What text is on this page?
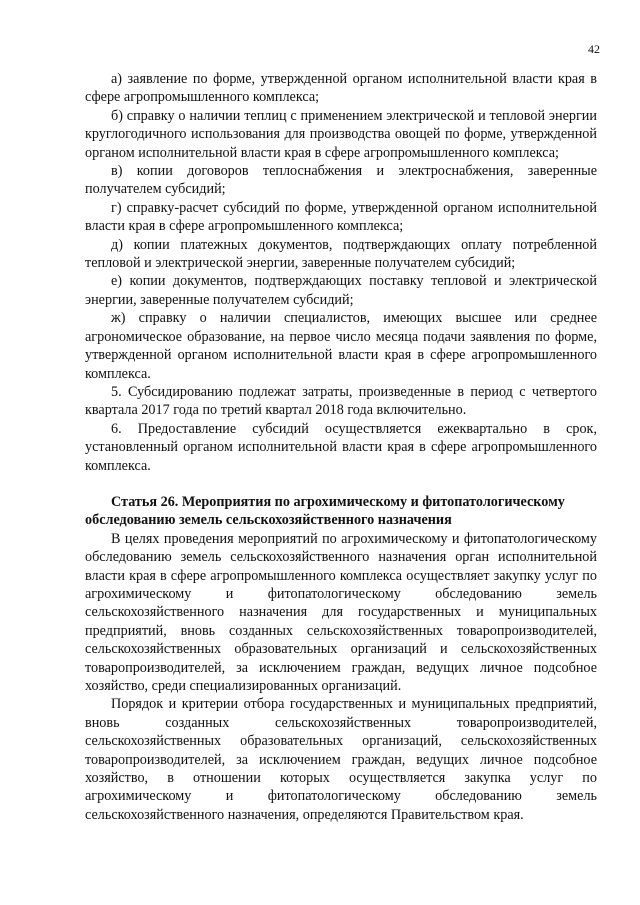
42

а) заявление по форме, утвержденной органом исполнительной власти края в сфере агропромышленного комплекса;

б) справку о наличии теплиц с применением электрической и тепловой энергии круглогодичного использования для производства овощей по форме, утвержденной органом исполнительной власти края в сфере агропромышленного комплекса;

в) копии договоров теплоснабжения и электроснабжения, заверенные получателем субсидий;

г) справку-расчет субсидий по форме, утвержденной органом исполнительной власти края в сфере агропромышленного комплекса;

д) копии платежных документов, подтверждающих оплату потребленной тепловой и электрической энергии, заверенные получателем субсидий;

е) копии документов, подтверждающих поставку тепловой и электрической энергии, заверенные получателем субсидий;

ж) справку о наличии специалистов, имеющих высшее или среднее агрономическое образование, на первое число месяца подачи заявления по форме, утвержденной органом исполнительной власти края в сфере агропромышленного комплекса.

5. Субсидированию подлежат затраты, произведенные в период с четвертого квартала 2017 года по третий квартал 2018 года включительно.

6. Предоставление субсидий осуществляется ежеквартально в срок, установленный органом исполнительной власти края в сфере агропромышленного комплекса.

Статья 26. Мероприятия по агрохимическому и фитопатологическому обследованию земель сельскохозяйственного назначения

В целях проведения мероприятий по агрохимическому и фитопатологическому обследованию земель сельскохозяйственного назначения орган исполнительной власти края в сфере агропромышленного комплекса осуществляет закупку услуг по агрохимическому и фитопатологическому обследованию земель сельскохозяйственного назначения для государственных и муниципальных предприятий, вновь созданных сельскохозяйственных товаропроизводителей, сельскохозяйственных образовательных организаций и сельскохозяйственных товаропроизводителей, за исключением граждан, ведущих личное подсобное хозяйство, среди специализированных организаций.

Порядок и критерии отбора государственных и муниципальных предприятий, вновь созданных сельскохозяйственных товаропроизводителей, сельскохозяйственных образовательных организаций, сельскохозяйственных товаропроизводителей, за исключением граждан, ведущих личное подсобное хозяйство, в отношении которых осуществляется закупка услуг по агрохимическому и фитопатологическому обследованию земель сельскохозяйственного назначения, определяются Правительством края.
